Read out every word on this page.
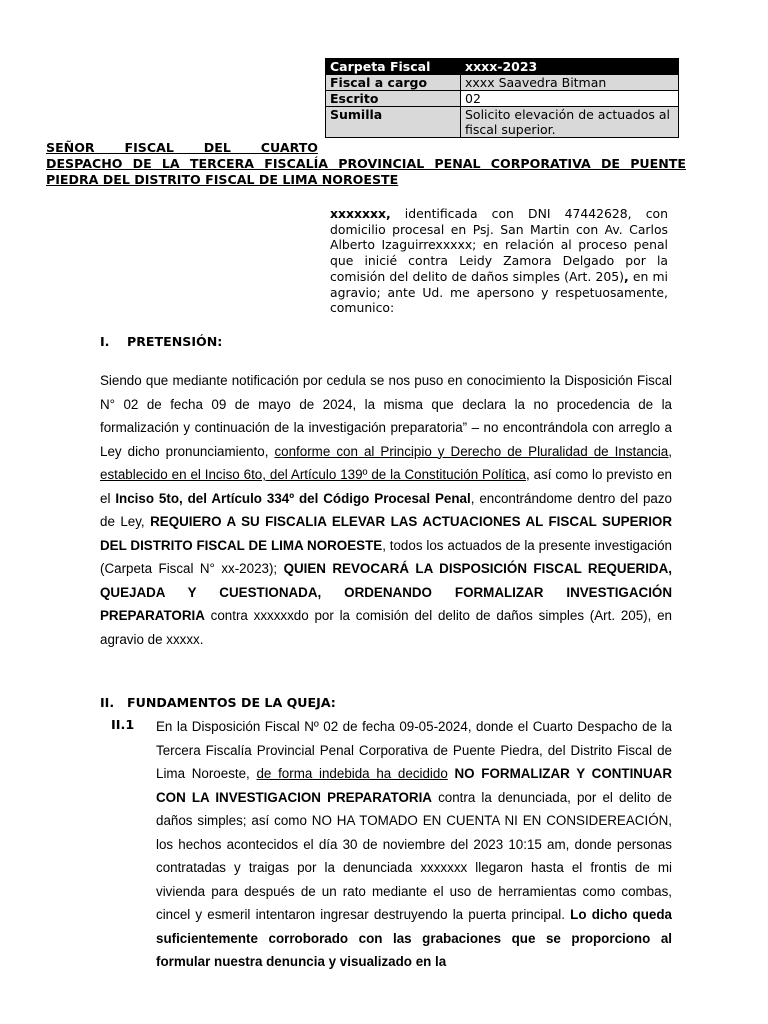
Carpeta Fiscal	xxxx-2023
Fiscal a cargo	xxxx Saavedra Bitman
Escrito	02
Sumilla	Solicito elevación de actuados al fiscal superior.
SEÑOR FISCAL DEL CUARTO
DESPACHO DE LA TERCERA FISCALÍA PROVINCIAL PENAL CORPORATIVA DE PUENTE
PIEDRA DEL DISTRITO FISCAL DE LIMA NOROESTE
xxxxxxx, identificada con DNI 47442628, con domicilio procesal en Psj. San Martin con Av. Carlos Alberto Izaguirrexxxxx; en relación al proceso penal que inicié contra Leidy Zamora Delgado por la comisión del delito de daños simples (Art. 205), en mi agravio; ante Ud. me apersono y respetuosamente, comunico:
I. PRETENSIÓN:
Siendo que mediante notificación por cedula se nos puso en conocimiento la Disposición Fiscal N° 02 de fecha 09 de mayo de 2024, la misma que declara la no procedencia de la formalización y continuación de la investigación preparatoria” – no encontrándola con arreglo a Ley dicho pronunciamiento, conforme con al Principio y Derecho de Pluralidad de Instancia, establecido en el Inciso 6to, del Artículo 139º de la Constitución Política, así como lo previsto en el Inciso 5to, del Artículo 334º del Código Procesal Penal, encontrándome dentro del pazo de Ley, REQUIERO A SU FISCALIA ELEVAR LAS ACTUACIONES AL FISCAL SUPERIOR DEL DISTRITO FISCAL DE LIMA NOROESTE, todos los actuados de la presente investigación (Carpeta Fiscal N° xx-2023); QUIEN REVOCARÁ LA DISPOSICIÓN FISCAL REQUERIDA, QUEJADA Y CUESTIONADA, ORDENANDO FORMALIZAR INVESTIGACIÓN PREPARATORIA contra xxxxxxdo por la comisión del delito de daños simples (Art. 205), en agravio de xxxxx.
II. FUNDAMENTOS DE LA QUEJA:
II.1 En la Disposición Fiscal Nº 02 de fecha 09-05-2024, donde el Cuarto Despacho de la Tercera Fiscalía Provincial Penal Corporativa de Puente Piedra, del Distrito Fiscal de Lima Noroeste, de forma indebida ha decidido NO FORMALIZAR Y CONTINUAR CON LA INVESTIGACION PREPARATORIA contra la denunciada, por el delito de daños simples; así como NO HA TOMADO EN CUENTA NI EN CONSIDEREACIÓN, los hechos acontecidos el día 30 de noviembre del 2023 10:15 am, donde personas contratadas y traigas por la denunciada xxxxxxx llegaron hasta el frontis de mi vivienda para después de un rato mediante el uso de herramientas como combas, cincel y esmeril intentaron ingresar destruyendo la puerta principal. Lo dicho queda suficientemente corroborado con las grabaciones que se proporciono al formular nuestra denuncia y visualizado en la
